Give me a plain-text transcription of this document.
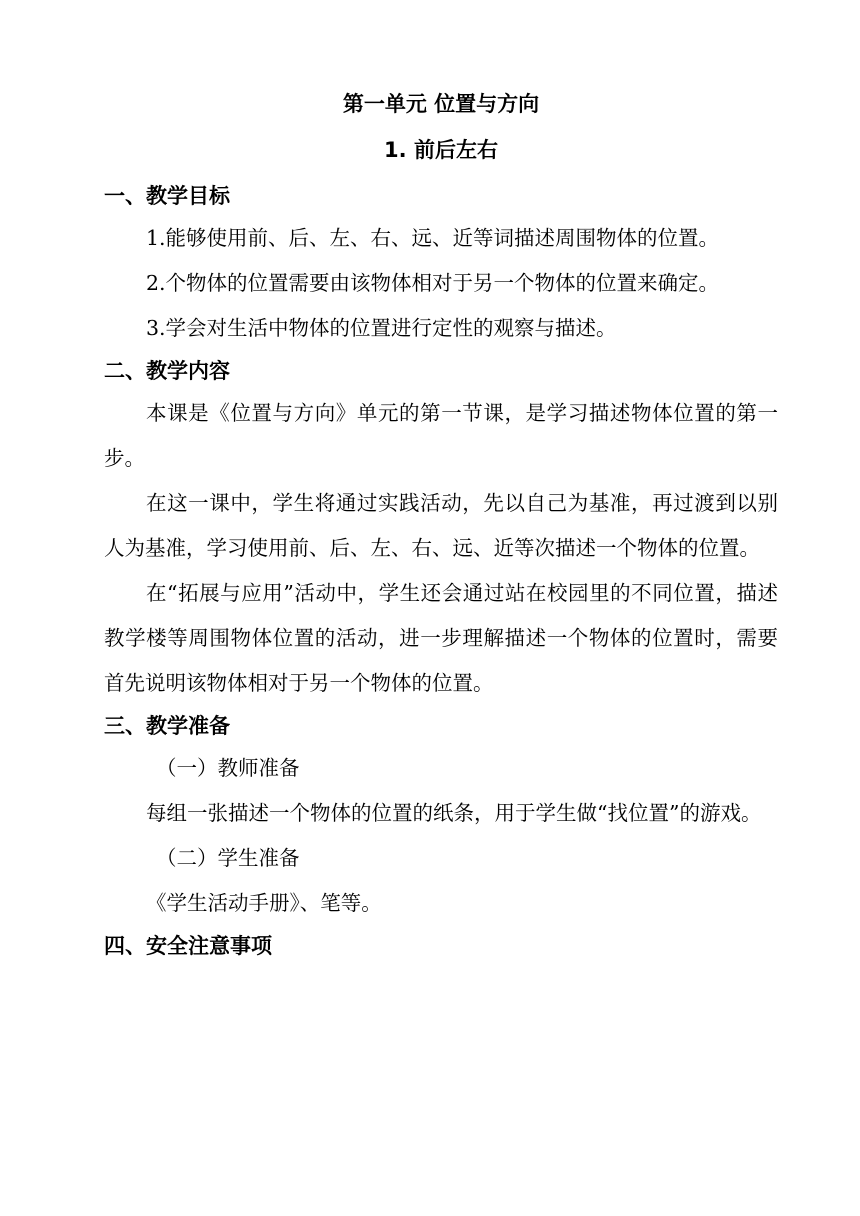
第一单元 位置与方向
1. 前后左右
一、教学目标

1.能够使用前、后、左、右、远、近等词描述周围物体的位置。

2.个物体的位置需要由该物体相对于另一个物体的位置来确定。

3.学会对生活中物体的位置进行定性的观察与描述。

二、教学内容

本课是《位置与方向》单元的第一节课，是学习描述物体位置的第一步。

在这一课中，学生将通过实践活动，先以自己为基准，再过渡到以别人为基准，学习使用前、后、左、右、远、近等次描述一个物体的位置。

在“拓展与应用”活动中，学生还会通过站在校园里的不同位置，描述教学楼等周围物体位置的活动，进一步理解描述一个物体的位置时，需要首先说明该物体相对于另一个物体的位置。

三、教学准备

（一）教师准备

每组一张描述一个物体的位置的纸条，用于学生做“找位置”的游戏。

（二）学生准备

《学生活动手册》、笔等。

四、安全注意事项
